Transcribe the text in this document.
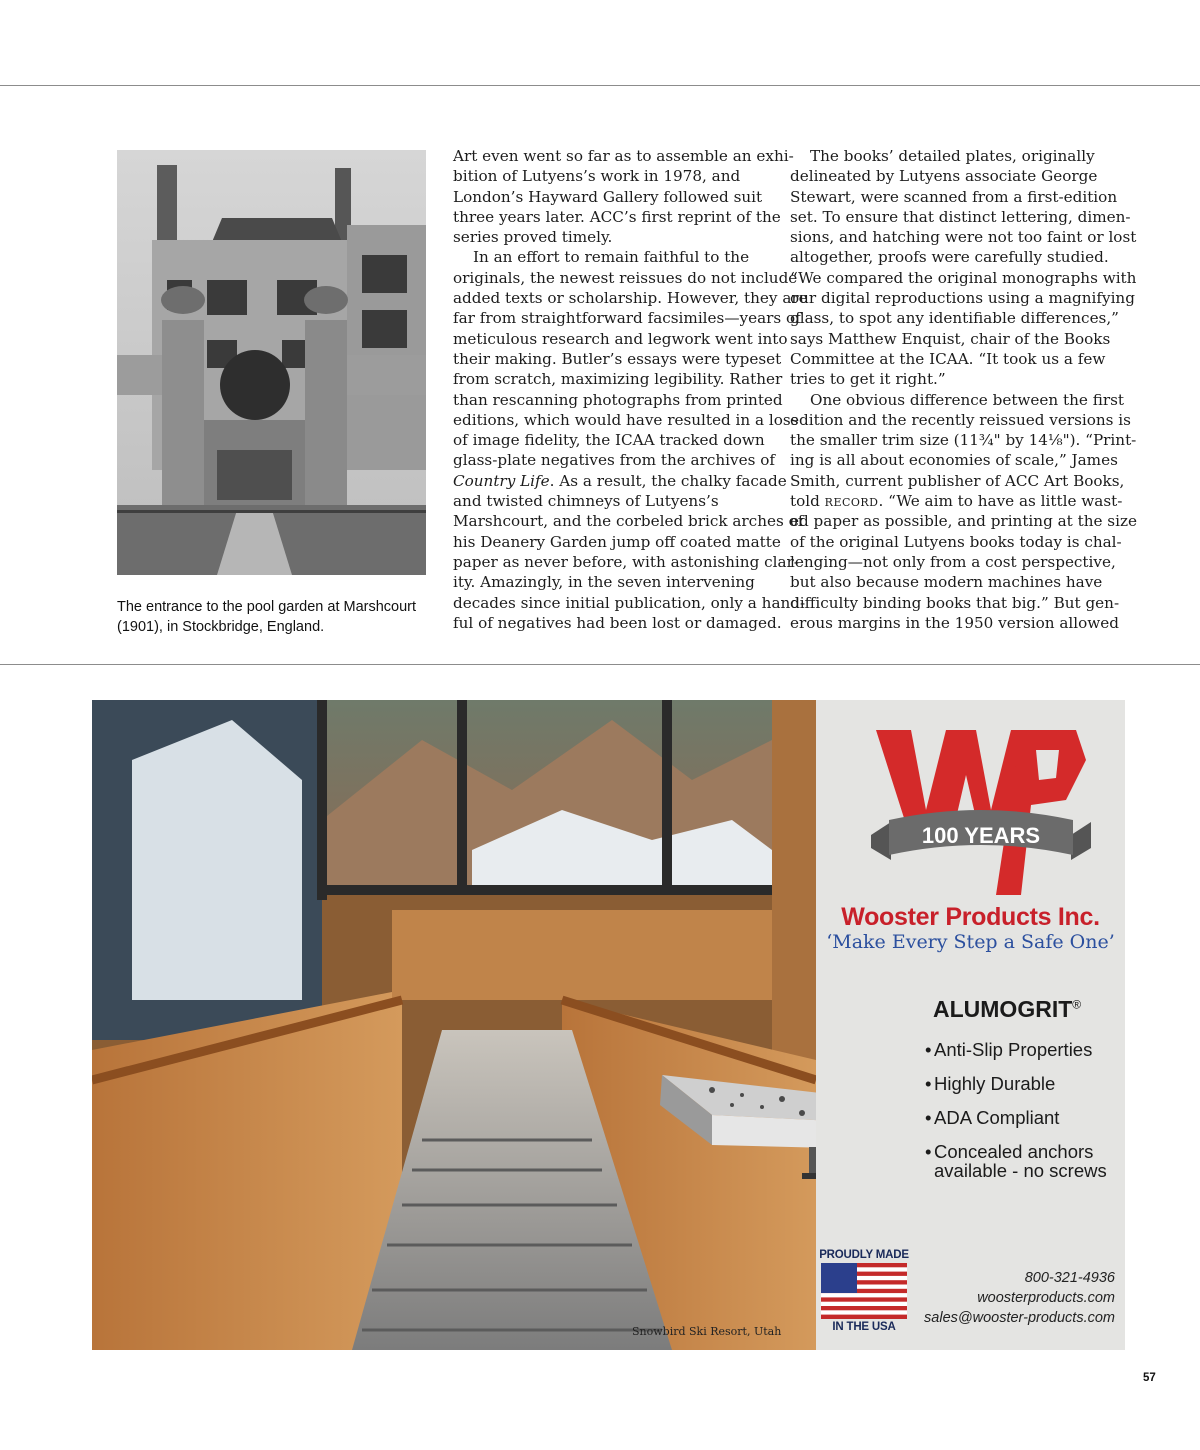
The entrance to the pool garden at Marshcourt (1901), in Stockbridge, England.
Art even went so far as to assemble an exhi-
bition of Lutyens’s work in 1978, and
London’s Hayward Gallery followed suit
three years later. ACC’s first reprint of the
series proved timely.
In an effort to remain faithful to the
originals, the newest reissues do not include
added texts or scholarship. However, they are
far from straightforward facsimiles—years of
meticulous research and legwork went into
their making. Butler’s essays were typeset
from scratch, maximizing legibility. Rather
than rescanning photographs from printed
editions, which would have resulted in a loss
of image fidelity, the ICAA tracked down
glass-plate negatives from the archives of
Country Life. As a result, the chalky facade
and twisted chimneys of Lutyens’s
Marshcourt, and the corbeled brick arches of
his Deanery Garden jump off coated matte
paper as never before, with astonishing clar-
ity. Amazingly, in the seven intervening
decades since initial publication, only a hand-
ful of negatives had been lost or damaged.
The books’ detailed plates, originally
delineated by Lutyens associate George
Stewart, were scanned from a first-edition
set. To ensure that distinct lettering, dimen-
sions, and hatching were not too faint or lost
altogether, proofs were carefully studied.
“We compared the original monographs with
our digital reproductions using a magnifying
glass, to spot any identifiable differences,”
says Matthew Enquist, chair of the Books
Committee at the ICAA. “It took us a few
tries to get it right.”
One obvious difference between the first
edition and the recently reissued versions is
the smaller trim size (11¾" by 14⅛"). “Print-
ing is all about economies of scale,” James
Smith, current publisher of ACC Art Books,
told record. “We aim to have as little wast-
ed paper as possible, and printing at the size
of the original Lutyens books today is chal-
lenging—not only from a cost perspective,
but also because modern machines have
difficulty binding books that big.” But gen-
erous margins in the 1950 version allowed
Snowbird Ski Resort, Utah
100 YEARS
Wooster Products Inc.
‘Make Every Step a Safe One’
ALUMOGRIT®
• Anti-Slip Properties
• Highly Durable
• ADA Compliant
• Concealed anchors
available - no screws
PROUDLY MADE
IN THE USA
800-321-4936
woosterproducts.com
sales@wooster-products.com
57
